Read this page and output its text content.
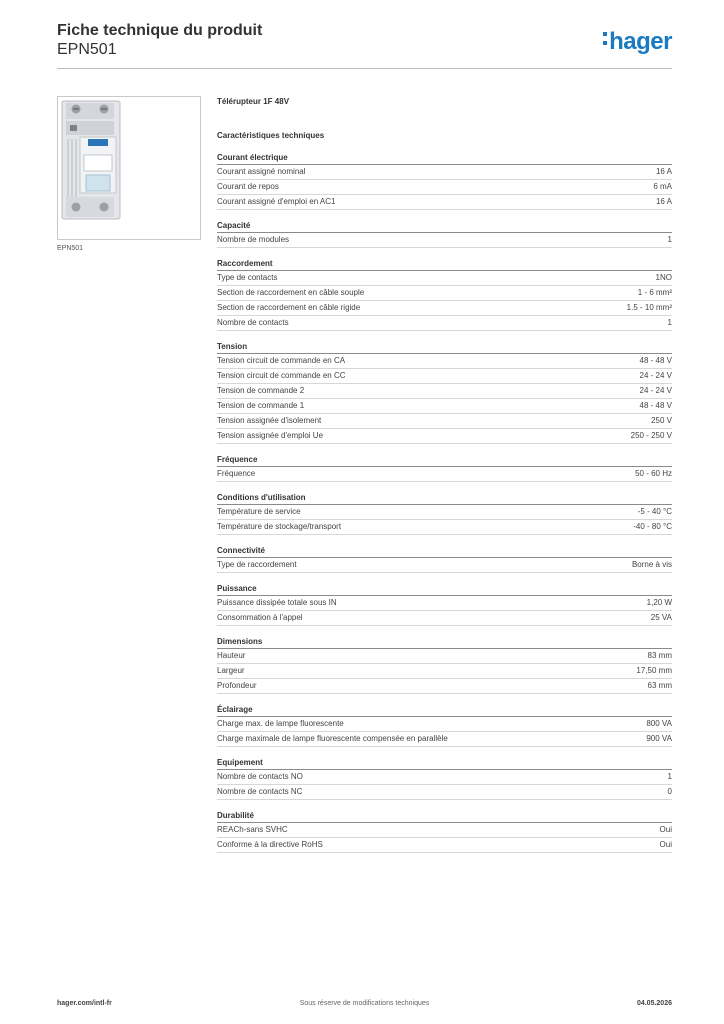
Fiche technique du produit
EPN501	hager
EPN501
Télérupteur 1F 48V
Caractéristiques techniques
Courant électrique
Courant assigné nominal	16 A
Courant de repos	6 mA
Courant assigné d'emploi en AC1	16 A
Capacité
Nombre de modules	1
Raccordement
Type de contacts	1NO
Section de raccordement en câble souple	1 - 6 mm²
Section de raccordement en câble rigide	1.5 - 10 mm²
Nombre de contacts	1
Tension
Tension circuit de commande en CA	48 - 48 V
Tension circuit de commande en CC	24 - 24 V
Tension de commande 2	24 - 24 V
Tension de commande 1	48 - 48 V
Tension assignée d'isolement	250 V
Tension assignée d'emploi Ue	250 - 250 V
Fréquence
Fréquence	50 - 60 Hz
Conditions d'utilisation
Température de service	-5 - 40 °C
Température de stockage/transport	-40 - 80 °C
Connectivité
Type de raccordement	Borne à vis
Puissance
Puissance dissipée totale sous IN	1,20 W
Consommation à l'appel	25 VA
Dimensions
Hauteur	83 mm
Largeur	17,50 mm
Profondeur	63 mm
Éclairage
Charge max. de lampe fluorescente	800 VA
Charge maximale de lampe fluorescente compensée en parallèle	900 VA
Equipement
Nombre de contacts NO	1
Nombre de contacts NC	0
Durabilité
REACh-sans SVHC	Oui
Conforme à la directive RoHS	Oui
hager.com/intl-fr	Sous réserve de modifications techniques	04.05.2026
